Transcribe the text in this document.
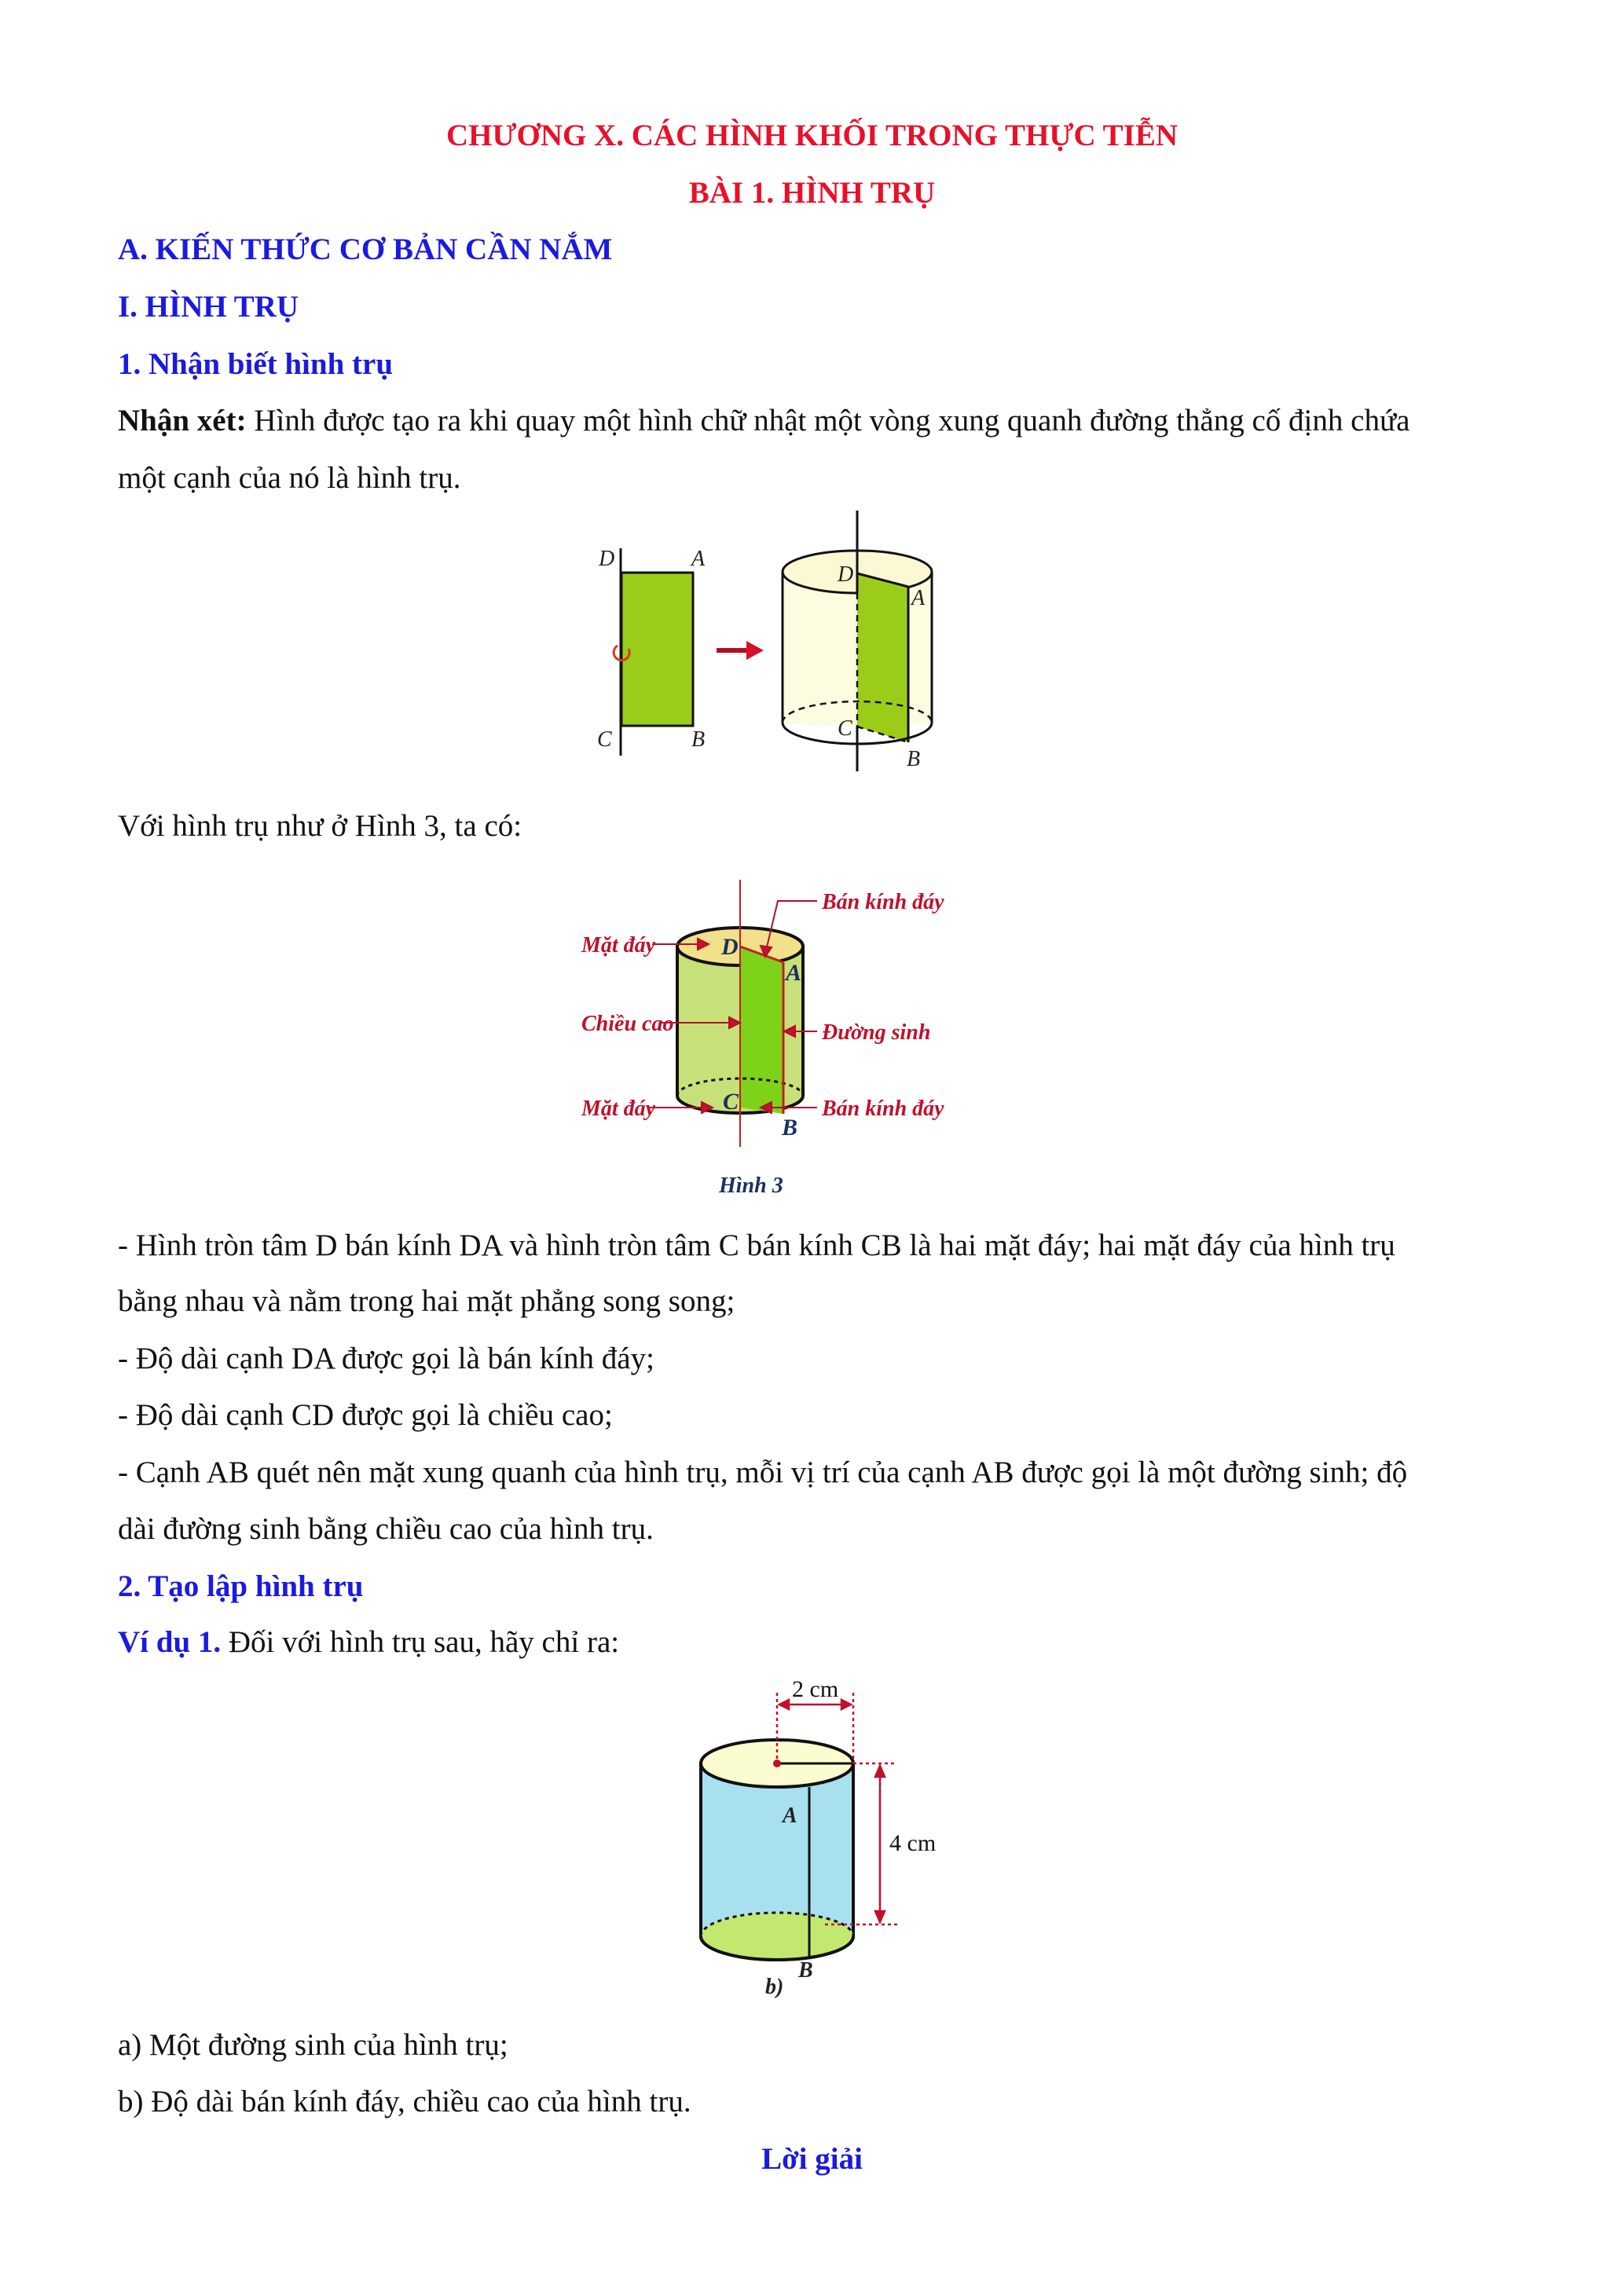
CHƯƠNG X. CÁC HÌNH KHỐI TRONG THỰC TIỄN
BÀI 1. HÌNH TRỤ
A. KIẾN THỨC CƠ BẢN CẦN NẮM
I. HÌNH TRỤ
1. Nhận biết hình trụ
Nhận xét: Hình được tạo ra khi quay một hình chữ nhật một vòng xung quanh đường thẳng cố định chứa
một cạnh của nó là hình trụ.
D	A
C	B
D
A
C
B
Với hình trụ như ở Hình 3, ta có:
Mặt đáy
Chiều cao
Mặt đáy
Bán kính đáy
Đường sinh
Bán kính đáy
D
A
C
B
Hình 3
- Hình tròn tâm D bán kính DA và hình tròn tâm C bán kính CB là hai mặt đáy; hai mặt đáy của hình trụ
bằng nhau và nằm trong hai mặt phẳng song song;
- Độ dài cạnh DA được gọi là bán kính đáy;
- Độ dài cạnh CD được gọi là chiều cao;
- Cạnh AB quét nên mặt xung quanh của hình trụ, mỗi vị trí của cạnh AB được gọi là một đường sinh; độ
dài đường sinh bằng chiều cao của hình trụ.
2. Tạo lập hình trụ
Ví dụ 1. Đối với hình trụ sau, hãy chỉ ra:
2 cm
4 cm
A
B
b)
a) Một đường sinh của hình trụ;
b) Độ dài bán kính đáy, chiều cao của hình trụ.
Lời giải
